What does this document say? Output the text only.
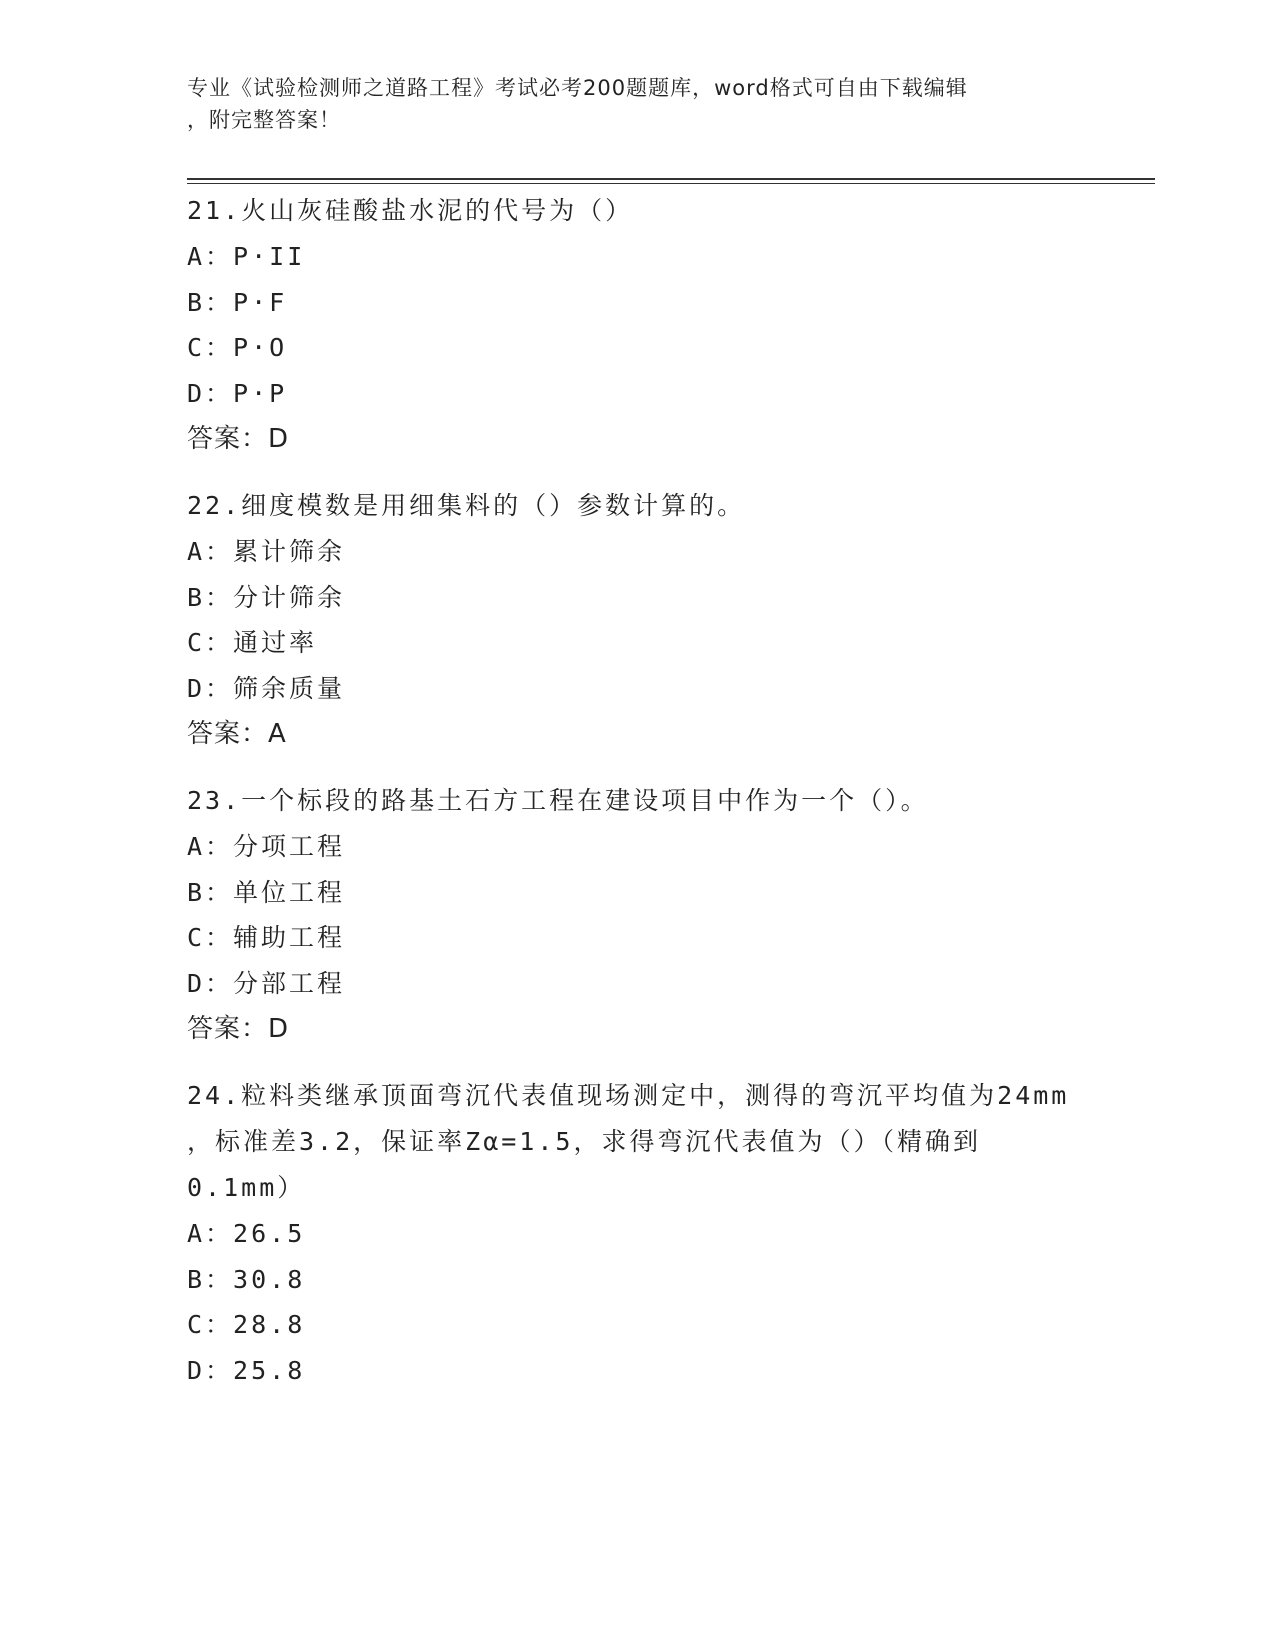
专业《试验检测师之道路工程》考试必考200题题库，word格式可自由下载编辑
，附完整答案！
21.火山灰硅酸盐水泥的代号为（）
A：P·II
B：P·F
C：P·O
D：P·P
答案：D
22.细度模数是用细集料的（）参数计算的。
A：累计筛余
B：分计筛余
C：通过率
D：筛余质量
答案：A
23.一个标段的路基土石方工程在建设项目中作为一个（）。
A：分项工程
B：单位工程
C：辅助工程
D：分部工程
答案：D
24.粒料类继承顶面弯沉代表值现场测定中，测得的弯沉平均值为24mm
，标准差3.2，保证率Zα=1.5，求得弯沉代表值为（）（精确到
0.1mm）
A：26.5
B：30.8
C：28.8
D：25.8
